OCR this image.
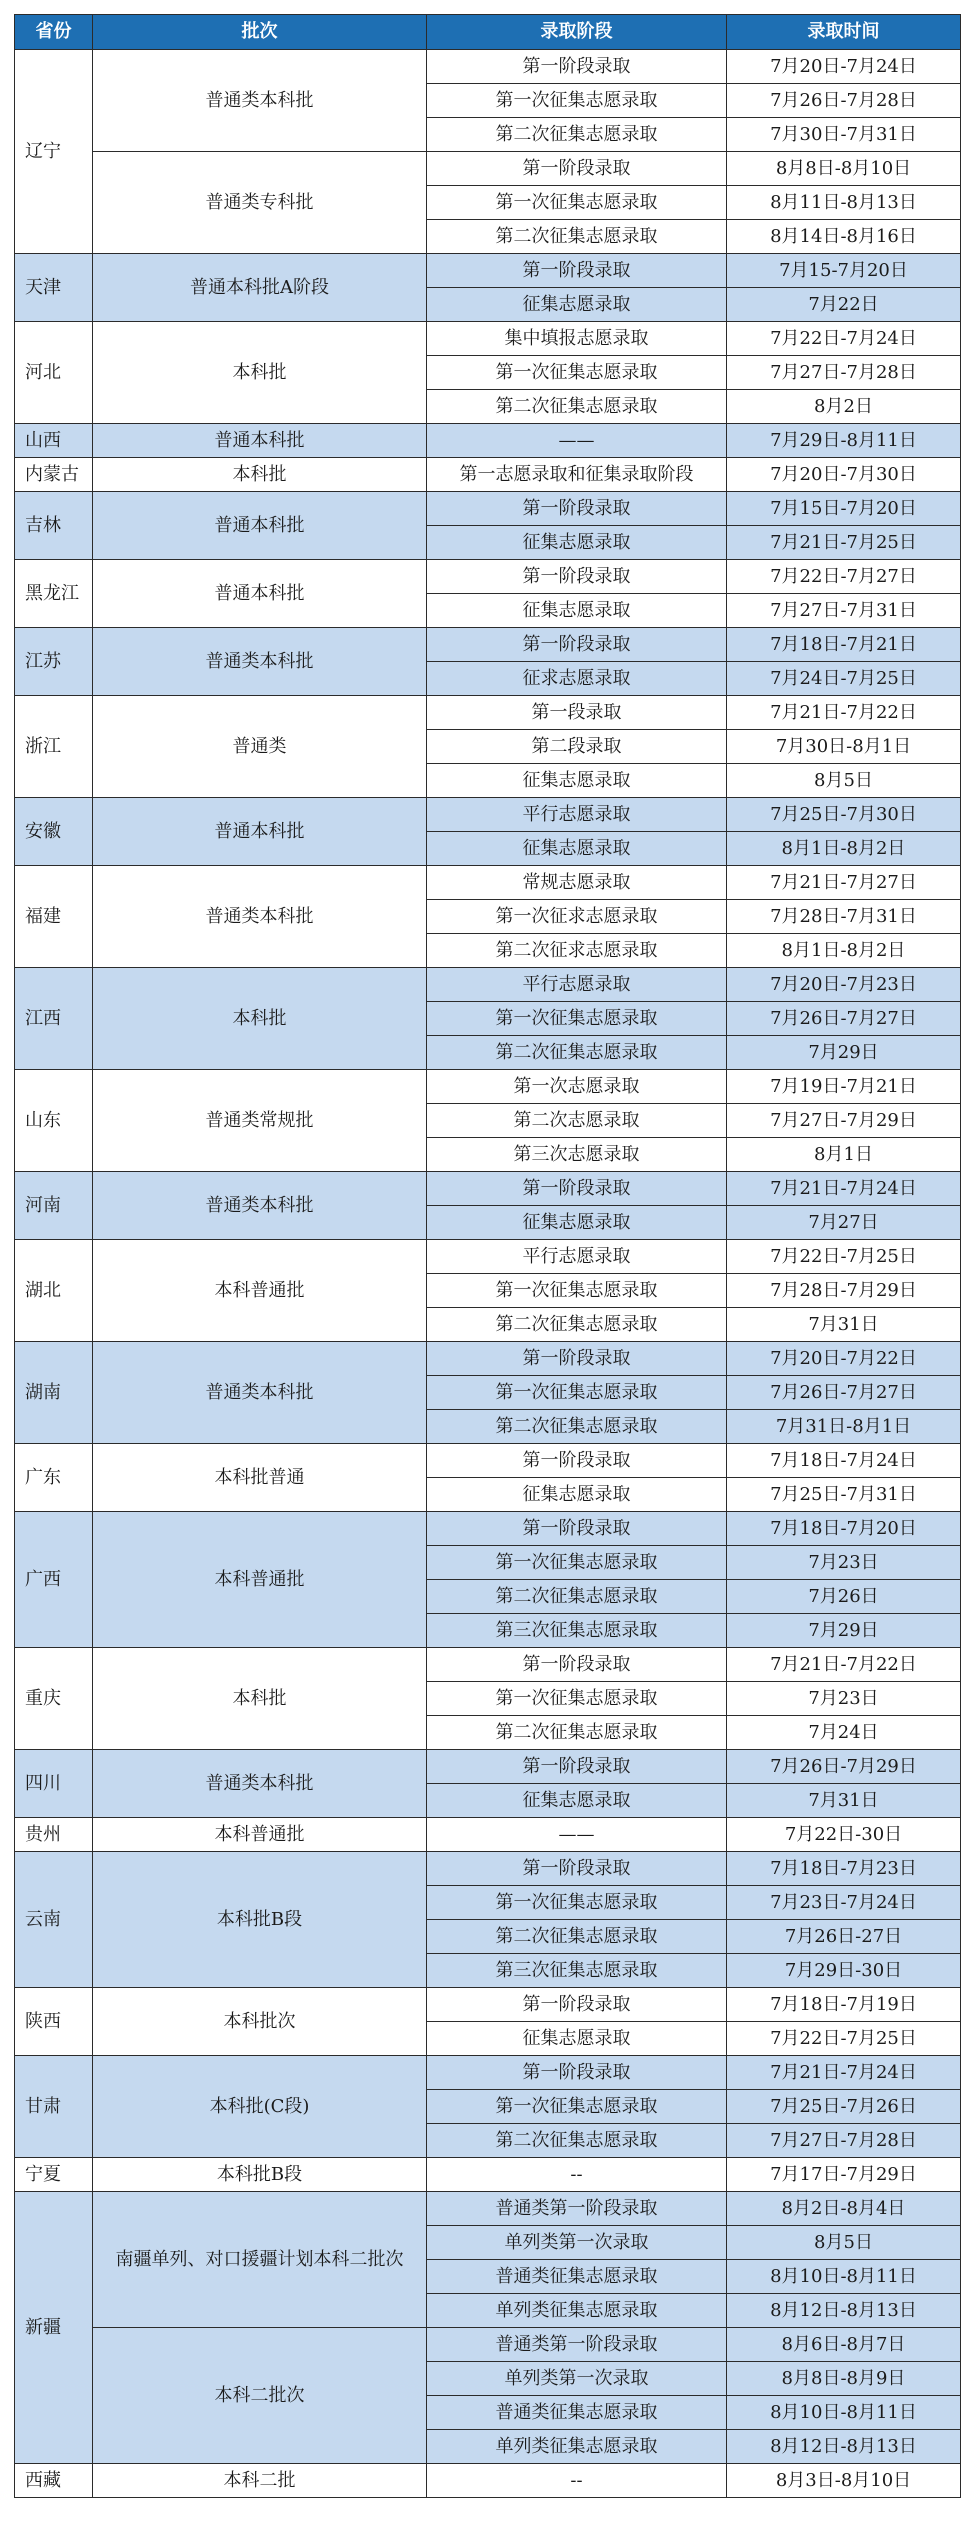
省份	批次	录取阶段	录取时间
辽宁	普通类本科批	第一阶段录取	7月20日-7月24日
		第一次征集志愿录取	7月26日-7月28日
		第二次征集志愿录取	7月30日-7月31日
	普通类专科批	第一阶段录取	8月8日-8月10日
		第一次征集志愿录取	8月11日-8月13日
		第二次征集志愿录取	8月14日-8月16日
天津	普通本科批A阶段	第一阶段录取	7月15-7月20日
		征集志愿录取	7月22日
河北	本科批	集中填报志愿录取	7月22日-7月24日
		第一次征集志愿录取	7月27日-7月28日
		第二次征集志愿录取	8月2日
山西	普通本科批	——	7月29日-8月11日
内蒙古	本科批	第一志愿录取和征集录取阶段	7月20日-7月30日
吉林	普通本科批	第一阶段录取	7月15日-7月20日
		征集志愿录取	7月21日-7月25日
黑龙江	普通本科批	第一阶段录取	7月22日-7月27日
		征集志愿录取	7月27日-7月31日
江苏	普通类本科批	第一阶段录取	7月18日-7月21日
		征求志愿录取	7月24日-7月25日
浙江	普通类	第一段录取	7月21日-7月22日
		第二段录取	7月30日-8月1日
		征集志愿录取	8月5日
安徽	普通本科批	平行志愿录取	7月25日-7月30日
		征集志愿录取	8月1日-8月2日
福建	普通类本科批	常规志愿录取	7月21日-7月27日
		第一次征求志愿录取	7月28日-7月31日
		第二次征求志愿录取	8月1日-8月2日
江西	本科批	平行志愿录取	7月20日-7月23日
		第一次征集志愿录取	7月26日-7月27日
		第二次征集志愿录取	7月29日
山东	普通类常规批	第一次志愿录取	7月19日-7月21日
		第二次志愿录取	7月27日-7月29日
		第三次志愿录取	8月1日
河南	普通类本科批	第一阶段录取	7月21日-7月24日
		征集志愿录取	7月27日
湖北	本科普通批	平行志愿录取	7月22日-7月25日
		第一次征集志愿录取	7月28日-7月29日
		第二次征集志愿录取	7月31日
湖南	普通类本科批	第一阶段录取	7月20日-7月22日
		第一次征集志愿录取	7月26日-7月27日
		第二次征集志愿录取	7月31日-8月1日
广东	本科批普通	第一阶段录取	7月18日-7月24日
		征集志愿录取	7月25日-7月31日
广西	本科普通批	第一阶段录取	7月18日-7月20日
		第一次征集志愿录取	7月23日
		第二次征集志愿录取	7月26日
		第三次征集志愿录取	7月29日
重庆	本科批	第一阶段录取	7月21日-7月22日
		第一次征集志愿录取	7月23日
		第二次征集志愿录取	7月24日
四川	普通类本科批	第一阶段录取	7月26日-7月29日
		征集志愿录取	7月31日
贵州	本科普通批	——	7月22日-30日
云南	本科批B段	第一阶段录取	7月18日-7月23日
		第一次征集志愿录取	7月23日-7月24日
		第二次征集志愿录取	7月26日-27日
		第三次征集志愿录取	7月29日-30日
陕西	本科批次	第一阶段录取	7月18日-7月19日
		征集志愿录取	7月22日-7月25日
甘肃	本科批(C段)	第一阶段录取	7月21日-7月24日
		第一次征集志愿录取	7月25日-7月26日
		第二次征集志愿录取	7月27日-7月28日
宁夏	本科批B段	--	7月17日-7月29日
新疆	南疆单列、对口援疆计划本科二批次	普通类第一阶段录取	8月2日-8月4日
		单列类第一次录取	8月5日
		普通类征集志愿录取	8月10日-8月11日
		单列类征集志愿录取	8月12日-8月13日
	本科二批次	普通类第一阶段录取	8月6日-8月7日
		单列类第一次录取	8月8日-8月9日
		普通类征集志愿录取	8月10日-8月11日
		单列类征集志愿录取	8月12日-8月13日
西藏	本科二批	--	8月3日-8月10日
